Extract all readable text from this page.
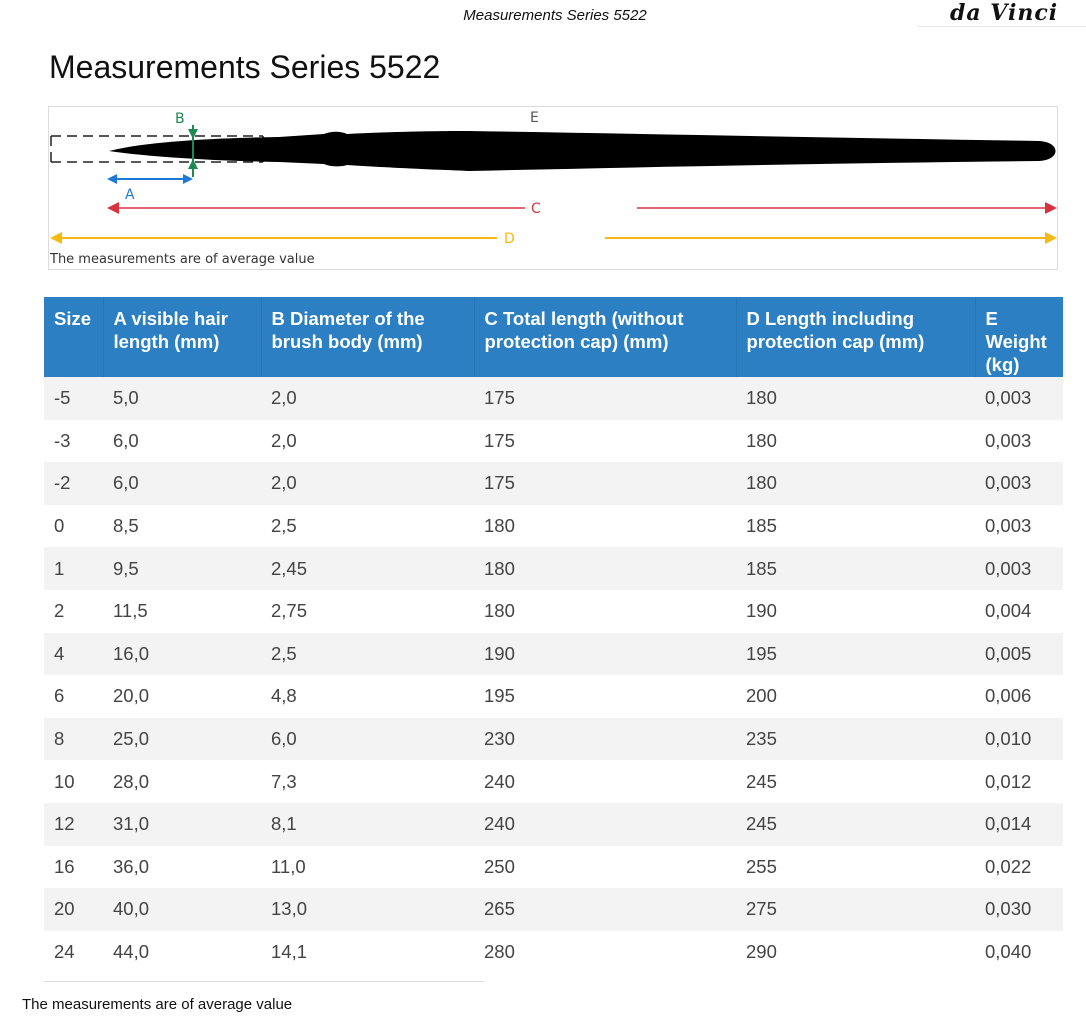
Measurements Series 5522	da Vinci
Measurements Series 5522
B
A
E
C
D
The measurements are of average value
Size	A visible hair length (mm)	B Diameter of the brush body (mm)	C Total length (without protection cap) (mm)	D Length including protection cap (mm)	E Weight (kg)
-5	5,0	2,0	175	180	0,003
-3	6,0	2,0	175	180	0,003
-2	6,0	2,0	175	180	0,003
0	8,5	2,5	180	185	0,003
1	9,5	2,45	180	185	0,003
2	11,5	2,75	180	190	0,004
4	16,0	2,5	190	195	0,005
6	20,0	4,8	195	200	0,006
8	25,0	6,0	230	235	0,010
10	28,0	7,3	240	245	0,012
12	31,0	8,1	240	245	0,014
16	36,0	11,0	250	255	0,022
20	40,0	13,0	265	275	0,030
24	44,0	14,1	280	290	0,040
The measurements are of average value
